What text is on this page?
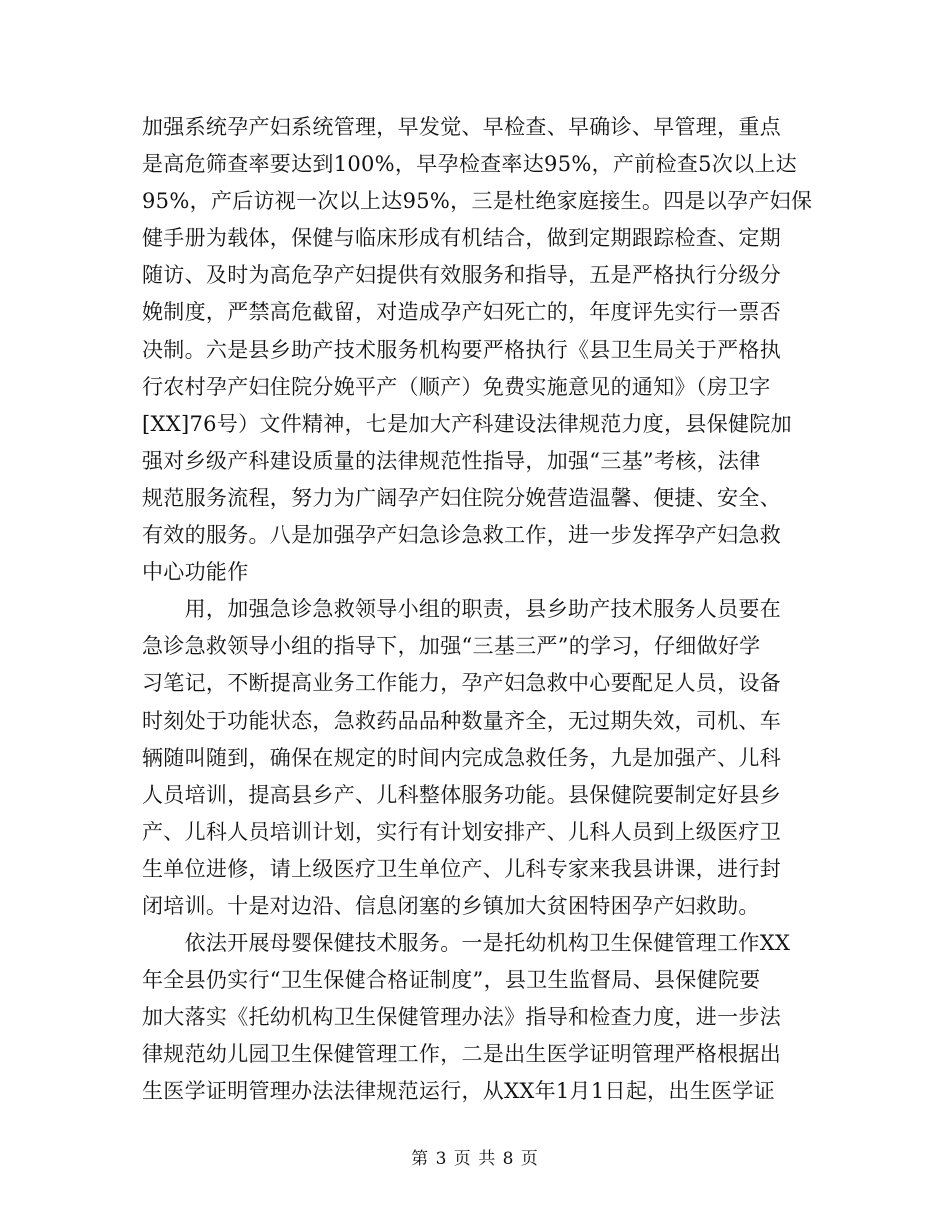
加强系统孕产妇系统管理，早发觉、早检查、早确诊、早管理，重点
是高危筛查率要达到100%，早孕检查率达95%，产前检查5次以上达
95%，产后访视一次以上达95%，三是杜绝家庭接生。四是以孕产妇保
健手册为载体，保健与临床形成有机结合，做到定期跟踪检查、定期
随访、及时为高危孕产妇提供有效服务和指导，五是严格执行分级分
娩制度，严禁高危截留，对造成孕产妇死亡的，年度评先实行一票否
决制。六是县乡助产技术服务机构要严格执行《县卫生局关于严格执
行农村孕产妇住院分娩平产（顺产）免费实施意见的通知》（房卫字
[XX]76号）文件精神，七是加大产科建设法律规范力度，县保健院加
强对乡级产科建设质量的法律规范性指导，加强“三基”考核，法律
规范服务流程，努力为广阔孕产妇住院分娩营造温馨、便捷、安全、
有效的服务。八是加强孕产妇急诊急救工作，进一步发挥孕产妇急救
中心功能作
　　用，加强急诊急救领导小组的职责，县乡助产技术服务人员要在
急诊急救领导小组的指导下，加强“三基三严”的学习，仔细做好学
习笔记，不断提高业务工作能力，孕产妇急救中心要配足人员，设备
时刻处于功能状态，急救药品品种数量齐全，无过期失效，司机、车
辆随叫随到，确保在规定的时间内完成急救任务，九是加强产、儿科
人员培训，提高县乡产、儿科整体服务功能。县保健院要制定好县乡
产、儿科人员培训计划，实行有计划安排产、儿科人员到上级医疗卫
生单位进修，请上级医疗卫生单位产、儿科专家来我县讲课，进行封
闭培训。十是对边沿、信息闭塞的乡镇加大贫困特困孕产妇救助。
　　依法开展母婴保健技术服务。一是托幼机构卫生保健管理工作XX
年全县仍实行“卫生保健合格证制度”，县卫生监督局、县保健院要
加大落实《托幼机构卫生保健管理办法》指导和检查力度，进一步法
律规范幼儿园卫生保健管理工作，二是出生医学证明管理严格根据出
生医学证明管理办法法律规范运行，从XX年1月1日起，出生医学证
第 3 页 共 8 页
